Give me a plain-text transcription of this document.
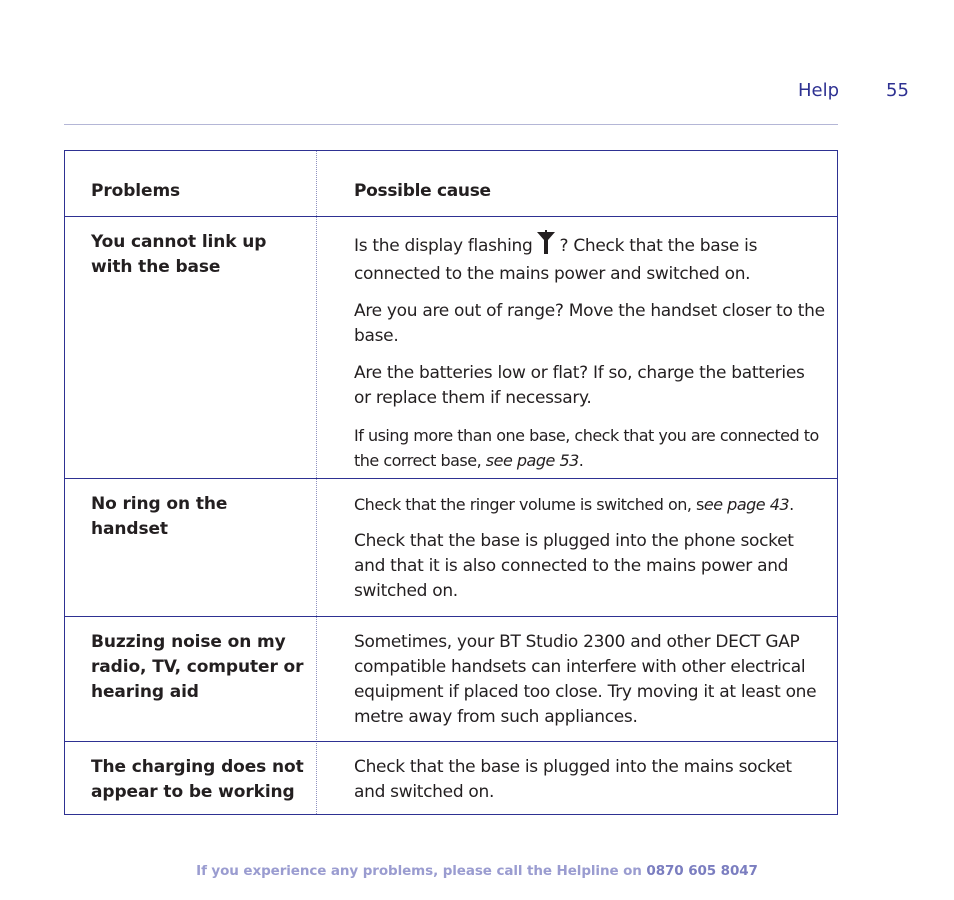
Help	55
Problems	Possible cause
You cannot link up with the base

Is the display flashing ? Check that the base is connected to the mains power and switched on.

Are you are out of range? Move the handset closer to the base.

Are the batteries low or flat? If so, charge the batteries or replace them if necessary.

If using more than one base, check that you are connected to the correct base, see page 53.

No ring on the handset

Check that the ringer volume is switched on, see page 43.

Check that the base is plugged into the phone socket and that it is also connected to the mains power and switched on.

Buzzing noise on my radio, TV, computer or hearing aid

Sometimes, your BT Studio 2300 and other DECT GAP compatible handsets can interfere with other electrical equipment if placed too close. Try moving it at least one metre away from such appliances.

The charging does not appear to be working

Check that the base is plugged into the mains socket and switched on.

If you experience any problems, please call the Helpline on 0870 605 8047
